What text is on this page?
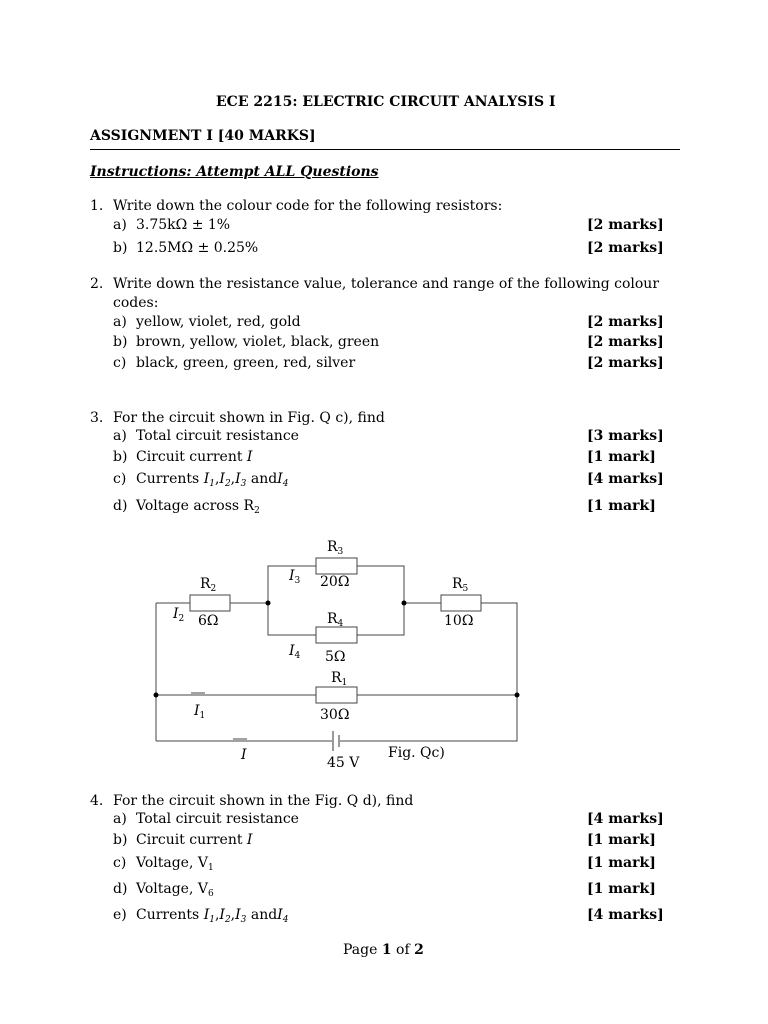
ECE 2215: ELECTRIC CIRCUIT ANALYSIS I
ASSIGNMENT I [40 MARKS]
Instructions: Attempt ALL Questions
1. Write down the colour code for the following resistors:
a) 3.75kΩ ± 1%	[2 marks]
b) 12.5MΩ ± 0.25%	[2 marks]
2. Write down the resistance value, tolerance and range of the following colour
codes:
a) yellow, violet, red, gold	[2 marks]
b) brown, yellow, violet, black, green	[2 marks]
c) black, green, green, red, silver	[2 marks]
3. For the circuit shown in Fig. Q c), find
a) Total circuit resistance	[3 marks]
b) Circuit current I	[1 mark]
c) Currents $I_1,I_2,I_3$ andI$_4$	[4 marks]
d) Voltage across $R_2$	[1 mark]
$R_2$
6Ω
$R_3$
20Ω
$R_4$
5Ω
$R_5$
10Ω
$R_1$
30Ω
$I_3$
$I_2$
$I_4$
$I_1$
I	45 V
Fig. Qc)
4. For the circuit shown in the Fig. Q d), find
a) Total circuit resistance	[4 marks]
b) Circuit current I	[1 mark]
c) Voltage, $V_1$	[1 mark]
d) Voltage, $V_6$	[1 mark]
e) Currents $I_1,I_2,I_3$ andI$_4$	[4 marks]
Page 1 of 2
